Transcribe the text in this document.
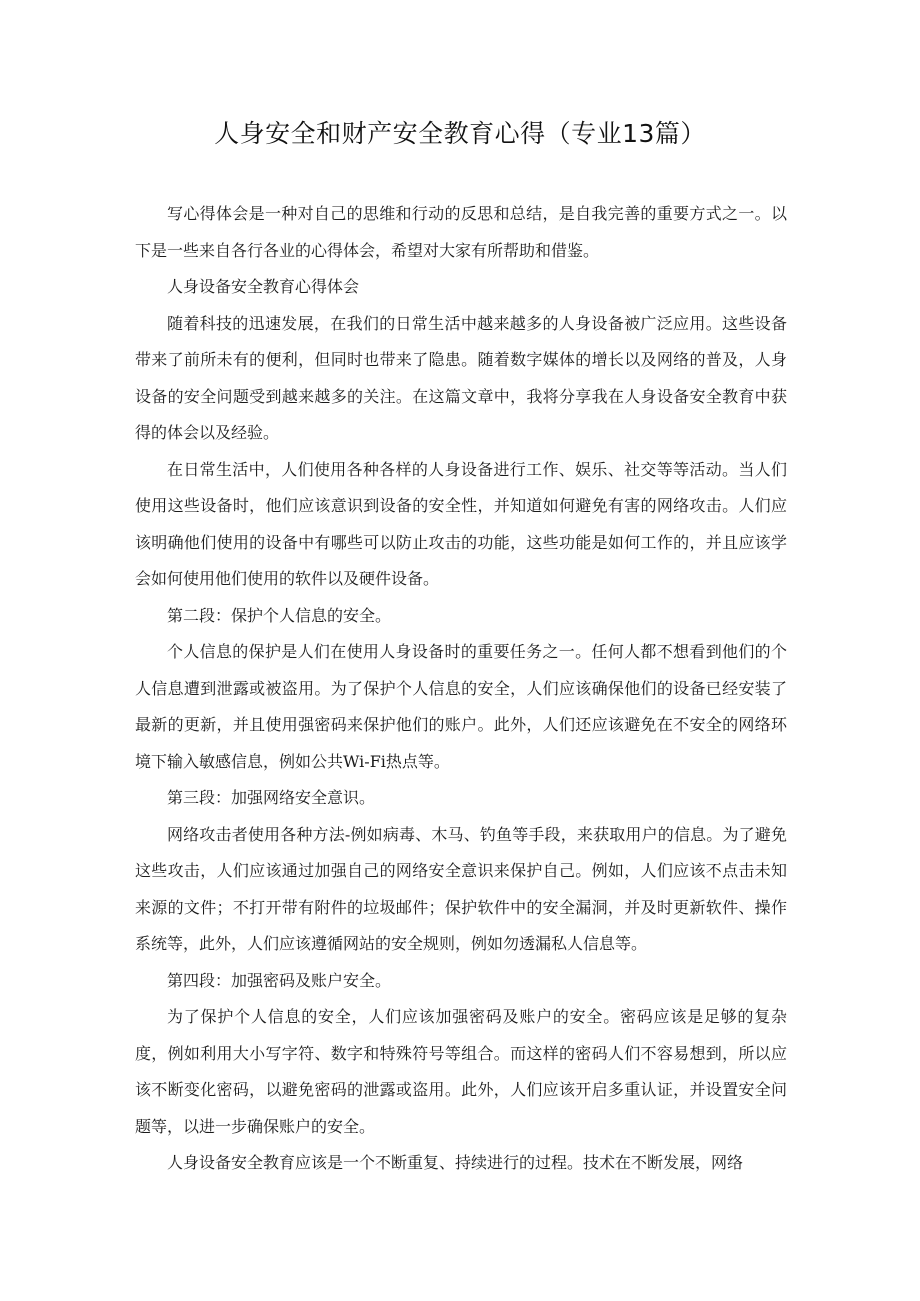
人身安全和财产安全教育心得（专业13篇）

写心得体会是一种对自己的思维和行动的反思和总结，是自我完善的重要方式之一。以下是一些来自各行各业的心得体会，希望对大家有所帮助和借鉴。

人身设备安全教育心得体会

随着科技的迅速发展，在我们的日常生活中越来越多的人身设备被广泛应用。这些设备带来了前所未有的便利，但同时也带来了隐患。随着数字媒体的增长以及网络的普及，人身设备的安全问题受到越来越多的关注。在这篇文章中，我将分享我在人身设备安全教育中获得的体会以及经验。

在日常生活中，人们使用各种各样的人身设备进行工作、娱乐、社交等等活动。当人们使用这些设备时，他们应该意识到设备的安全性，并知道如何避免有害的网络攻击。人们应该明确他们使用的设备中有哪些可以防止攻击的功能，这些功能是如何工作的，并且应该学会如何使用他们使用的软件以及硬件设备。

第二段：保护个人信息的安全。

个人信息的保护是人们在使用人身设备时的重要任务之一。任何人都不想看到他们的个人信息遭到泄露或被盗用。为了保护个人信息的安全，人们应该确保他们的设备已经安装了最新的更新，并且使用强密码来保护他们的账户。此外，人们还应该避免在不安全的网络环境下输入敏感信息，例如公共Wi-Fi热点等。

第三段：加强网络安全意识。

网络攻击者使用各种方法-例如病毒、木马、钓鱼等手段，来获取用户的信息。为了避免这些攻击，人们应该通过加强自己的网络安全意识来保护自己。例如，人们应该不点击未知来源的文件；不打开带有附件的垃圾邮件；保护软件中的安全漏洞，并及时更新软件、操作系统等，此外，人们应该遵循网站的安全规则，例如勿透漏私人信息等。

第四段：加强密码及账户安全。

为了保护个人信息的安全，人们应该加强密码及账户的安全。密码应该是足够的复杂度，例如利用大小写字符、数字和特殊符号等组合。而这样的密码人们不容易想到，所以应该不断变化密码，以避免密码的泄露或盗用。此外，人们应该开启多重认证，并设置安全问题等，以进一步确保账户的安全。

人身设备安全教育应该是一个不断重复、持续进行的过程。技术在不断发展，网络
